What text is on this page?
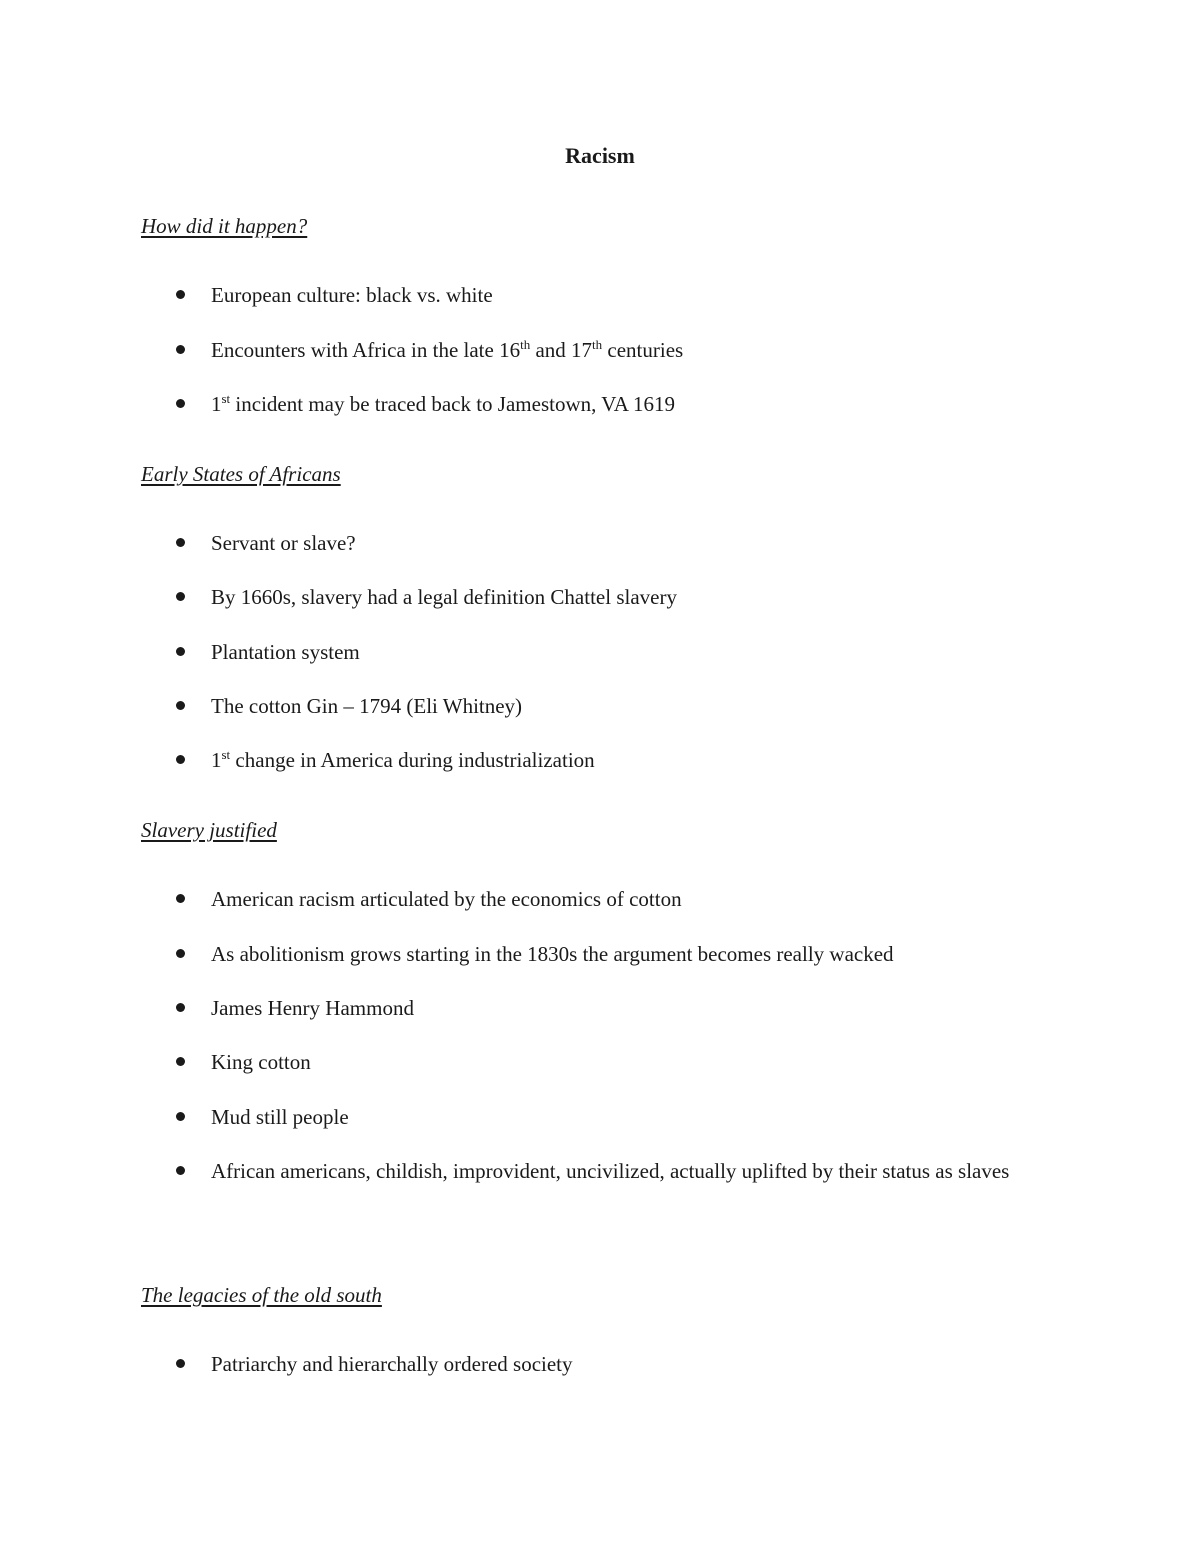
Racism
How did it happen?
European culture: black vs. white
Encounters with Africa in the late 16th and 17th centuries
1st incident may be traced back to Jamestown, VA 1619
Early States of Africans
Servant or slave?
By 1660s, slavery had a legal definition Chattel slavery
Plantation system
The cotton Gin – 1794 (Eli Whitney)
1st change in America during industrialization
Slavery justified
American racism articulated by the economics of cotton
As abolitionism grows starting in the 1830s the argument becomes really wacked
James Henry Hammond
King cotton
Mud still people
African americans, childish, improvident, uncivilized, actually uplifted by their status as slaves
The legacies of the old south
Patriarchy and hierarchally ordered society
